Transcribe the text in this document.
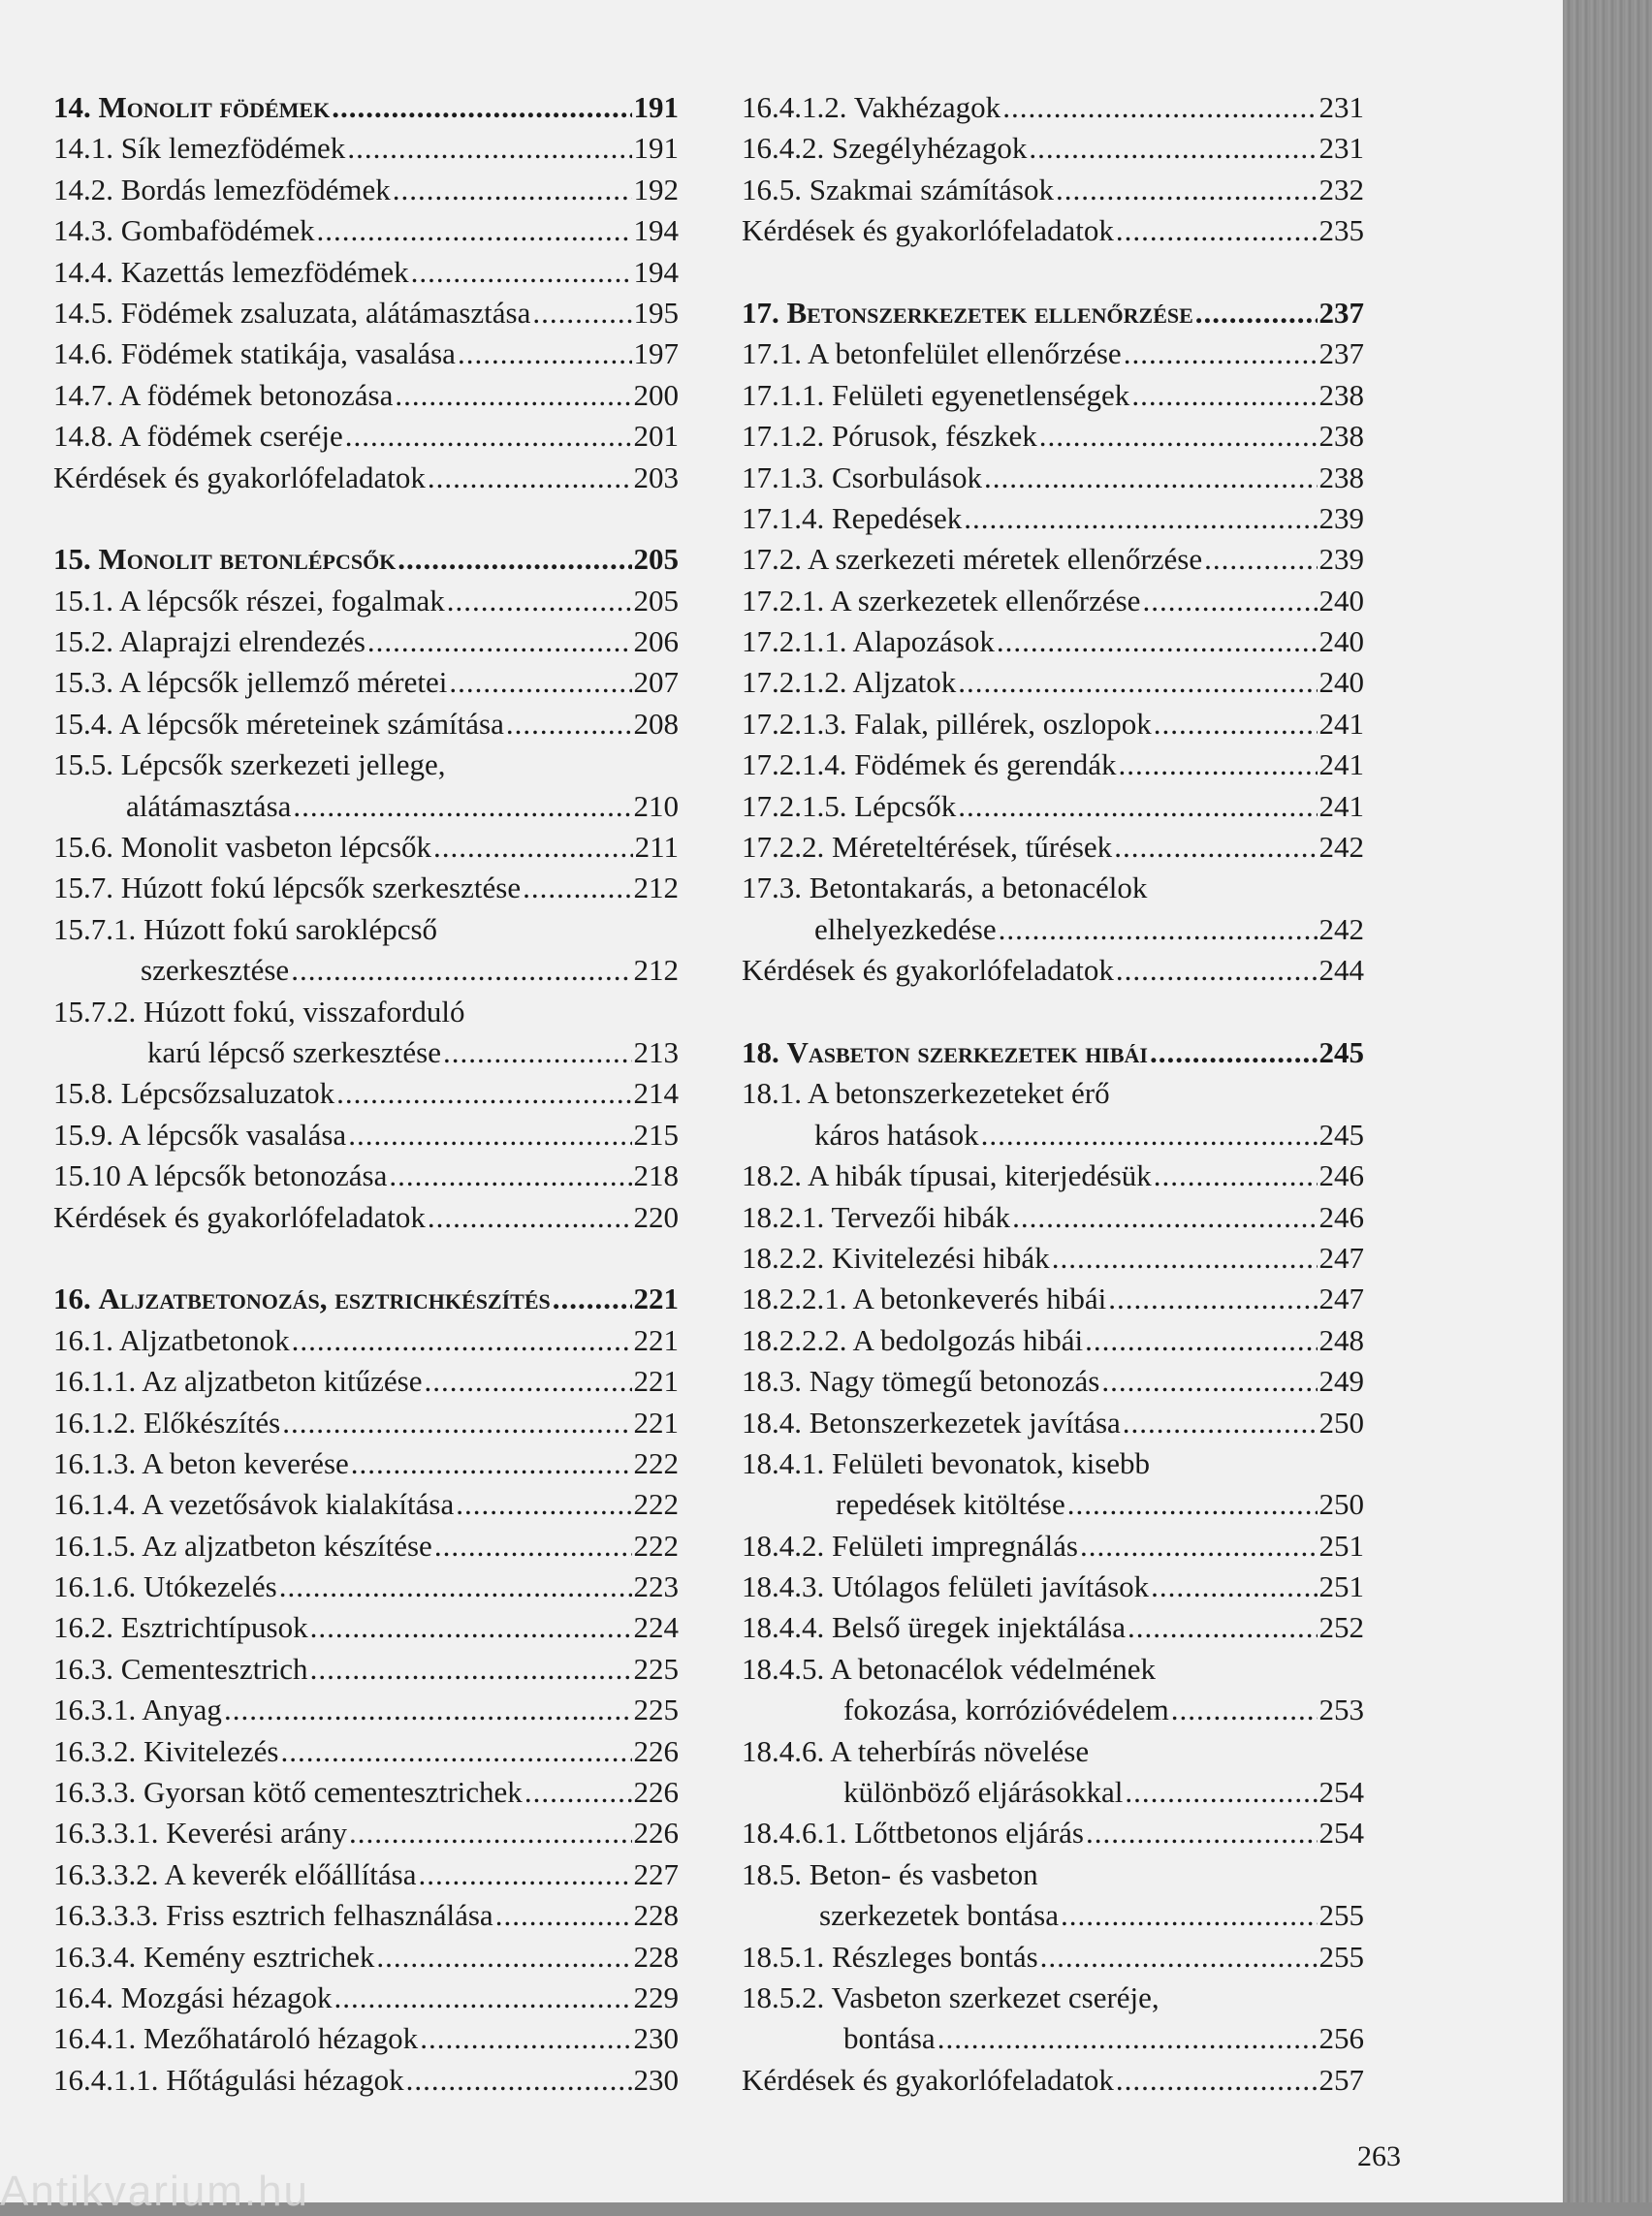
14. Monolit födémek .....	191
14.1. Sík lemezfödémek .....	191
14.2. Bordás lemezfödémek .....	192
14.3. Gombafödémek .....	194
14.4. Kazettás lemezfödémek .....	194
14.5. Födémek zsaluzata, alátámasztása .....	195
14.6. Födémek statikája, vasalása .....	197
14.7. A födémek betonozása .....	200
14.8. A födémek cseréje .....	201
Kérdések és gyakorlófeladatok .....	203
15. Monolit betonlépcsők .....	205
15.1. A lépcsők részei, fogalmak .....	205
15.2. Alaprajzi elrendezés .....	206
15.3. A lépcsők jellemző méretei .....	207
15.4. A lépcsők méreteinek számítása .....	208
15.5. Lépcsők szerkezeti jellege,
alátámasztása .....	210
15.6. Monolit vasbeton lépcsők .....	211
15.7. Húzott fokú lépcsők szerkesztése .....	212
15.7.1. Húzott fokú saroklépcső
szerkesztése .....	212
15.7.2. Húzott fokú, visszaforduló
karú lépcső szerkesztése .....	213
15.8. Lépcsőzsaluzatok .....	214
15.9. A lépcsők vasalása .....	215
15.10 A lépcsők betonozása .....	218
Kérdések és gyakorlófeladatok .....	220
16. Aljzatbetonozás, esztrichkészítés .....	221
16.1. Aljzatbetonok .....	221
16.1.1. Az aljzatbeton kitűzése .....	221
16.1.2. Előkészítés .....	221
16.1.3. A beton keverése .....	222
16.1.4. A vezetősávok kialakítása .....	222
16.1.5. Az aljzatbeton készítése .....	222
16.1.6. Utókezelés .....	223
16.2. Esztrichtípusok .....	224
16.3. Cementesztrich .....	225
16.3.1. Anyag .....	225
16.3.2. Kivitelezés .....	226
16.3.3. Gyorsan kötő cementesztrichek .....	226
16.3.3.1. Keverési arány .....	226
16.3.3.2. A keverék előállítása .....	227
16.3.3.3. Friss esztrich felhasználása .....	228
16.3.4. Kemény esztrichek .....	228
16.4. Mozgási hézagok .....	229
16.4.1. Mezőhatároló hézagok .....	230
16.4.1.1. Hőtágulási hézagok .....	230
16.4.1.2. Vakhézagok .....	231
16.4.2. Szegélyhézagok .....	231
16.5. Szakmai számítások .....	232
Kérdések és gyakorlófeladatok .....	235
17. Betonszerkezetek ellenőrzése .....	237
17.1. A betonfelület ellenőrzése .....	237
17.1.1. Felületi egyenetlenségek .....	238
17.1.2. Pórusok, fészkek .....	238
17.1.3. Csorbulások .....	238
17.1.4. Repedések .....	239
17.2. A szerkezeti méretek ellenőrzése .....	239
17.2.1. A szerkezetek ellenőrzése .....	240
17.2.1.1. Alapozások .....	240
17.2.1.2. Aljzatok .....	240
17.2.1.3. Falak, pillérek, oszlopok .....	241
17.2.1.4. Födémek és gerendák .....	241
17.2.1.5. Lépcsők .....	241
17.2.2. Méreteltérések, tűrések .....	242
17.3. Betontakarás, a betonacélok
elhelyezkedése .....	242
Kérdések és gyakorlófeladatok .....	244
18. Vasbeton szerkezetek hibái .....	245
18.1. A betonszerkezeteket érő
káros hatások .....	245
18.2. A hibák típusai, kiterjedésük .....	246
18.2.1. Tervezői hibák .....	246
18.2.2. Kivitelezési hibák .....	247
18.2.2.1. A betonkeverés hibái .....	247
18.2.2.2. A bedolgozás hibái .....	248
18.3. Nagy tömegű betonozás .....	249
18.4. Betonszerkezetek javítása .....	250
18.4.1. Felületi bevonatok, kisebb
repedések kitöltése .....	250
18.4.2. Felületi impregnálás .....	251
18.4.3. Utólagos felületi javítások .....	251
18.4.4. Belső üregek injektálása .....	252
18.4.5. A betonacélok védelmének
fokozása, korrózióvédelem .....	253
18.4.6. A teherbírás növelése
különböző eljárásokkal .....	254
18.4.6.1. Lőttbetonos eljárás .....	254
18.5. Beton- és vasbeton
szerkezetek bontása .....	255
18.5.1. Részleges bontás .....	255
18.5.2. Vasbeton szerkezet cseréje,
bontása .....	256
Kérdések és gyakorlófeladatok .....	257
263
Antikvarium.hu
